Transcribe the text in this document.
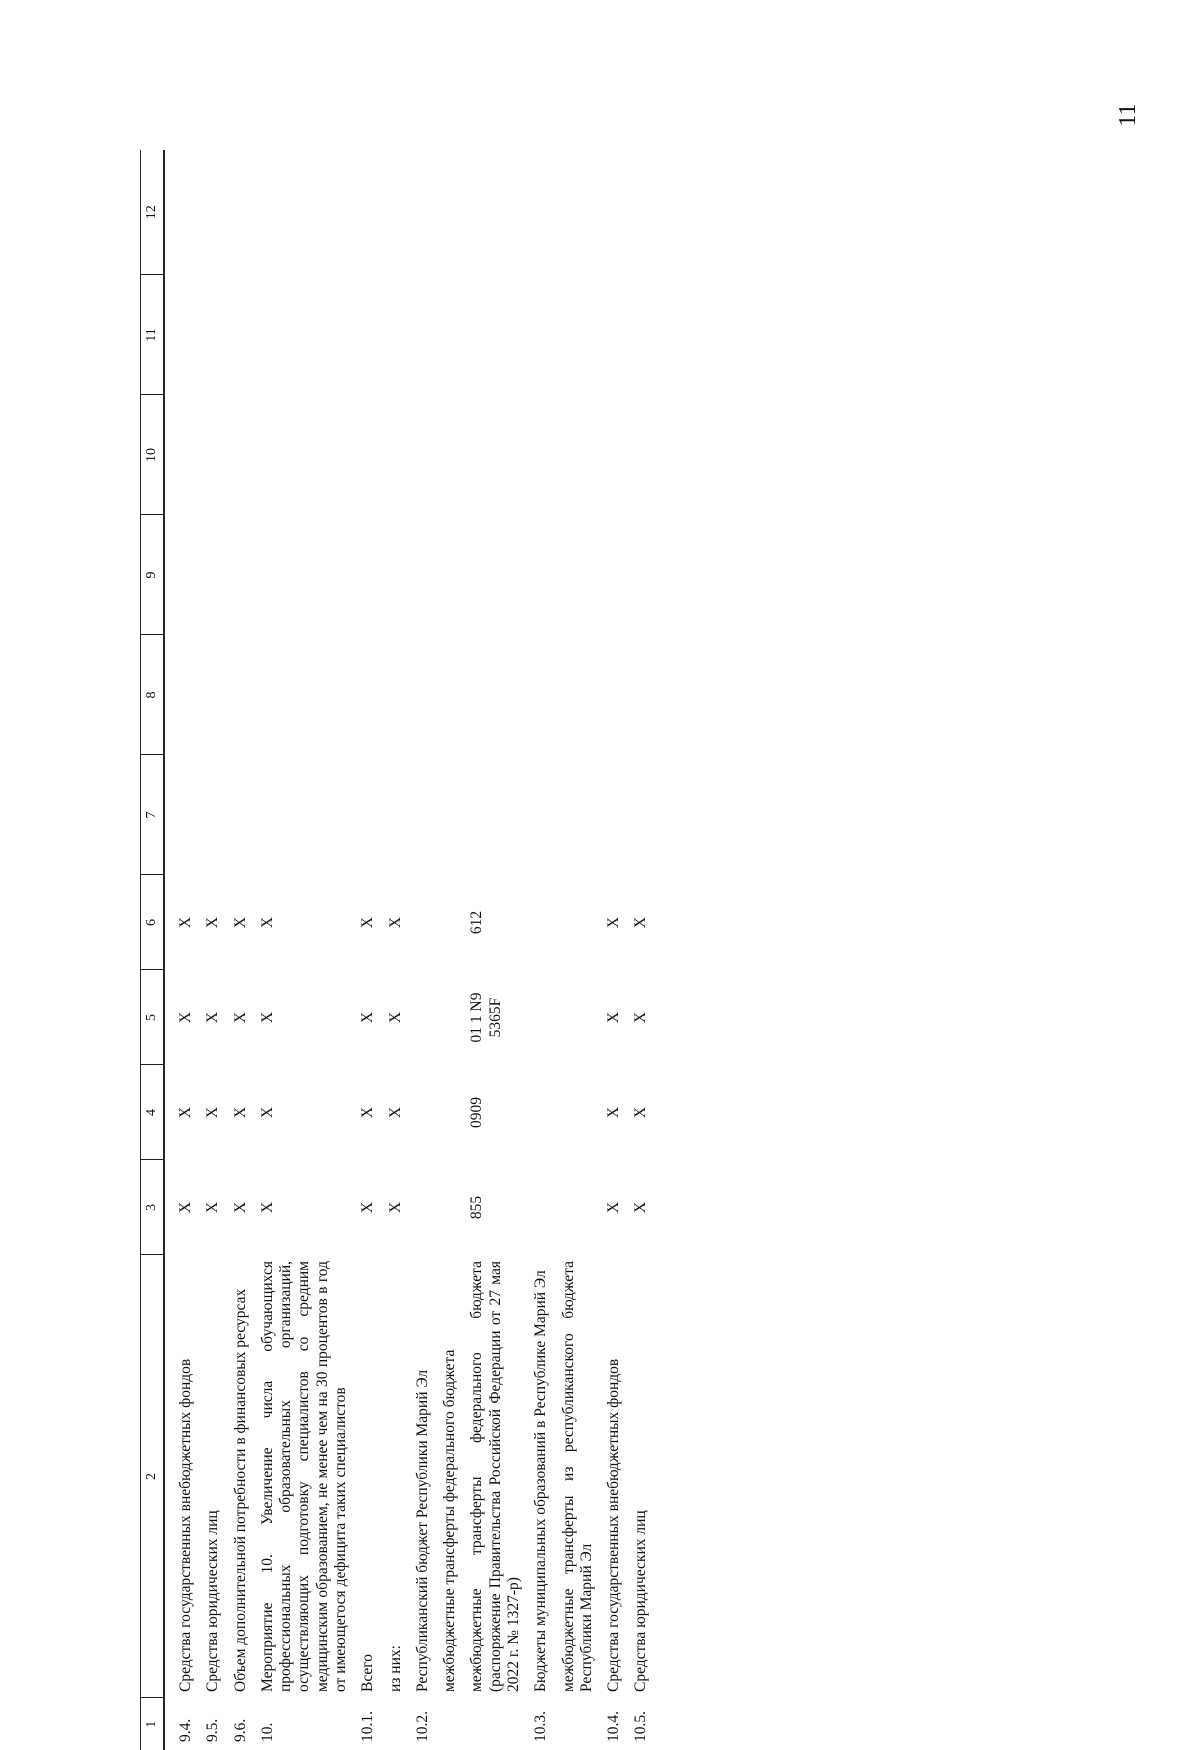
11
1	2	3	4	5	6	7	8	9	10	11	12
9.4.	Средства государственных внебюджетных фондов	X	X	X	X						
9.5.	Средства юридических лиц	X	X	X	X						
9.6.	Объем дополнительной потребности в финансовых ресурсах	X	X	X	X						
10.	Мероприятие 10. Увеличение числа обучающихся профессиональных образовательных организаций, осуществляющих подготовку специалистов со средним медицинским образованием, не менее чем на 30 процентов в год от имеющегося дефицита таких специалистов	X	X	X	X						
10.1.	Всего	X	X	X	X						
	из них:	X	X	X	X						
10.2.	Республиканский бюджет Республики Марий Эл										
	межбюджетные трансферты федерального бюджета										
	межбюджетные трансферты федерального бюджета (распоряжение Правительства Российской Федерации от 27 мая 2022 г. № 1327-р)	855	0909	01 1 N9 5365F	612						
10.3.	Бюджеты муниципальных образований в Республике Марий Эл										
	межбюджетные трансферты из республиканского бюджета Республики Марий Эл										
10.4.	Средства государственных внебюджетных фондов	X	X	X	X						
10.5.	Средства юридических лиц	X	X	X	X						
